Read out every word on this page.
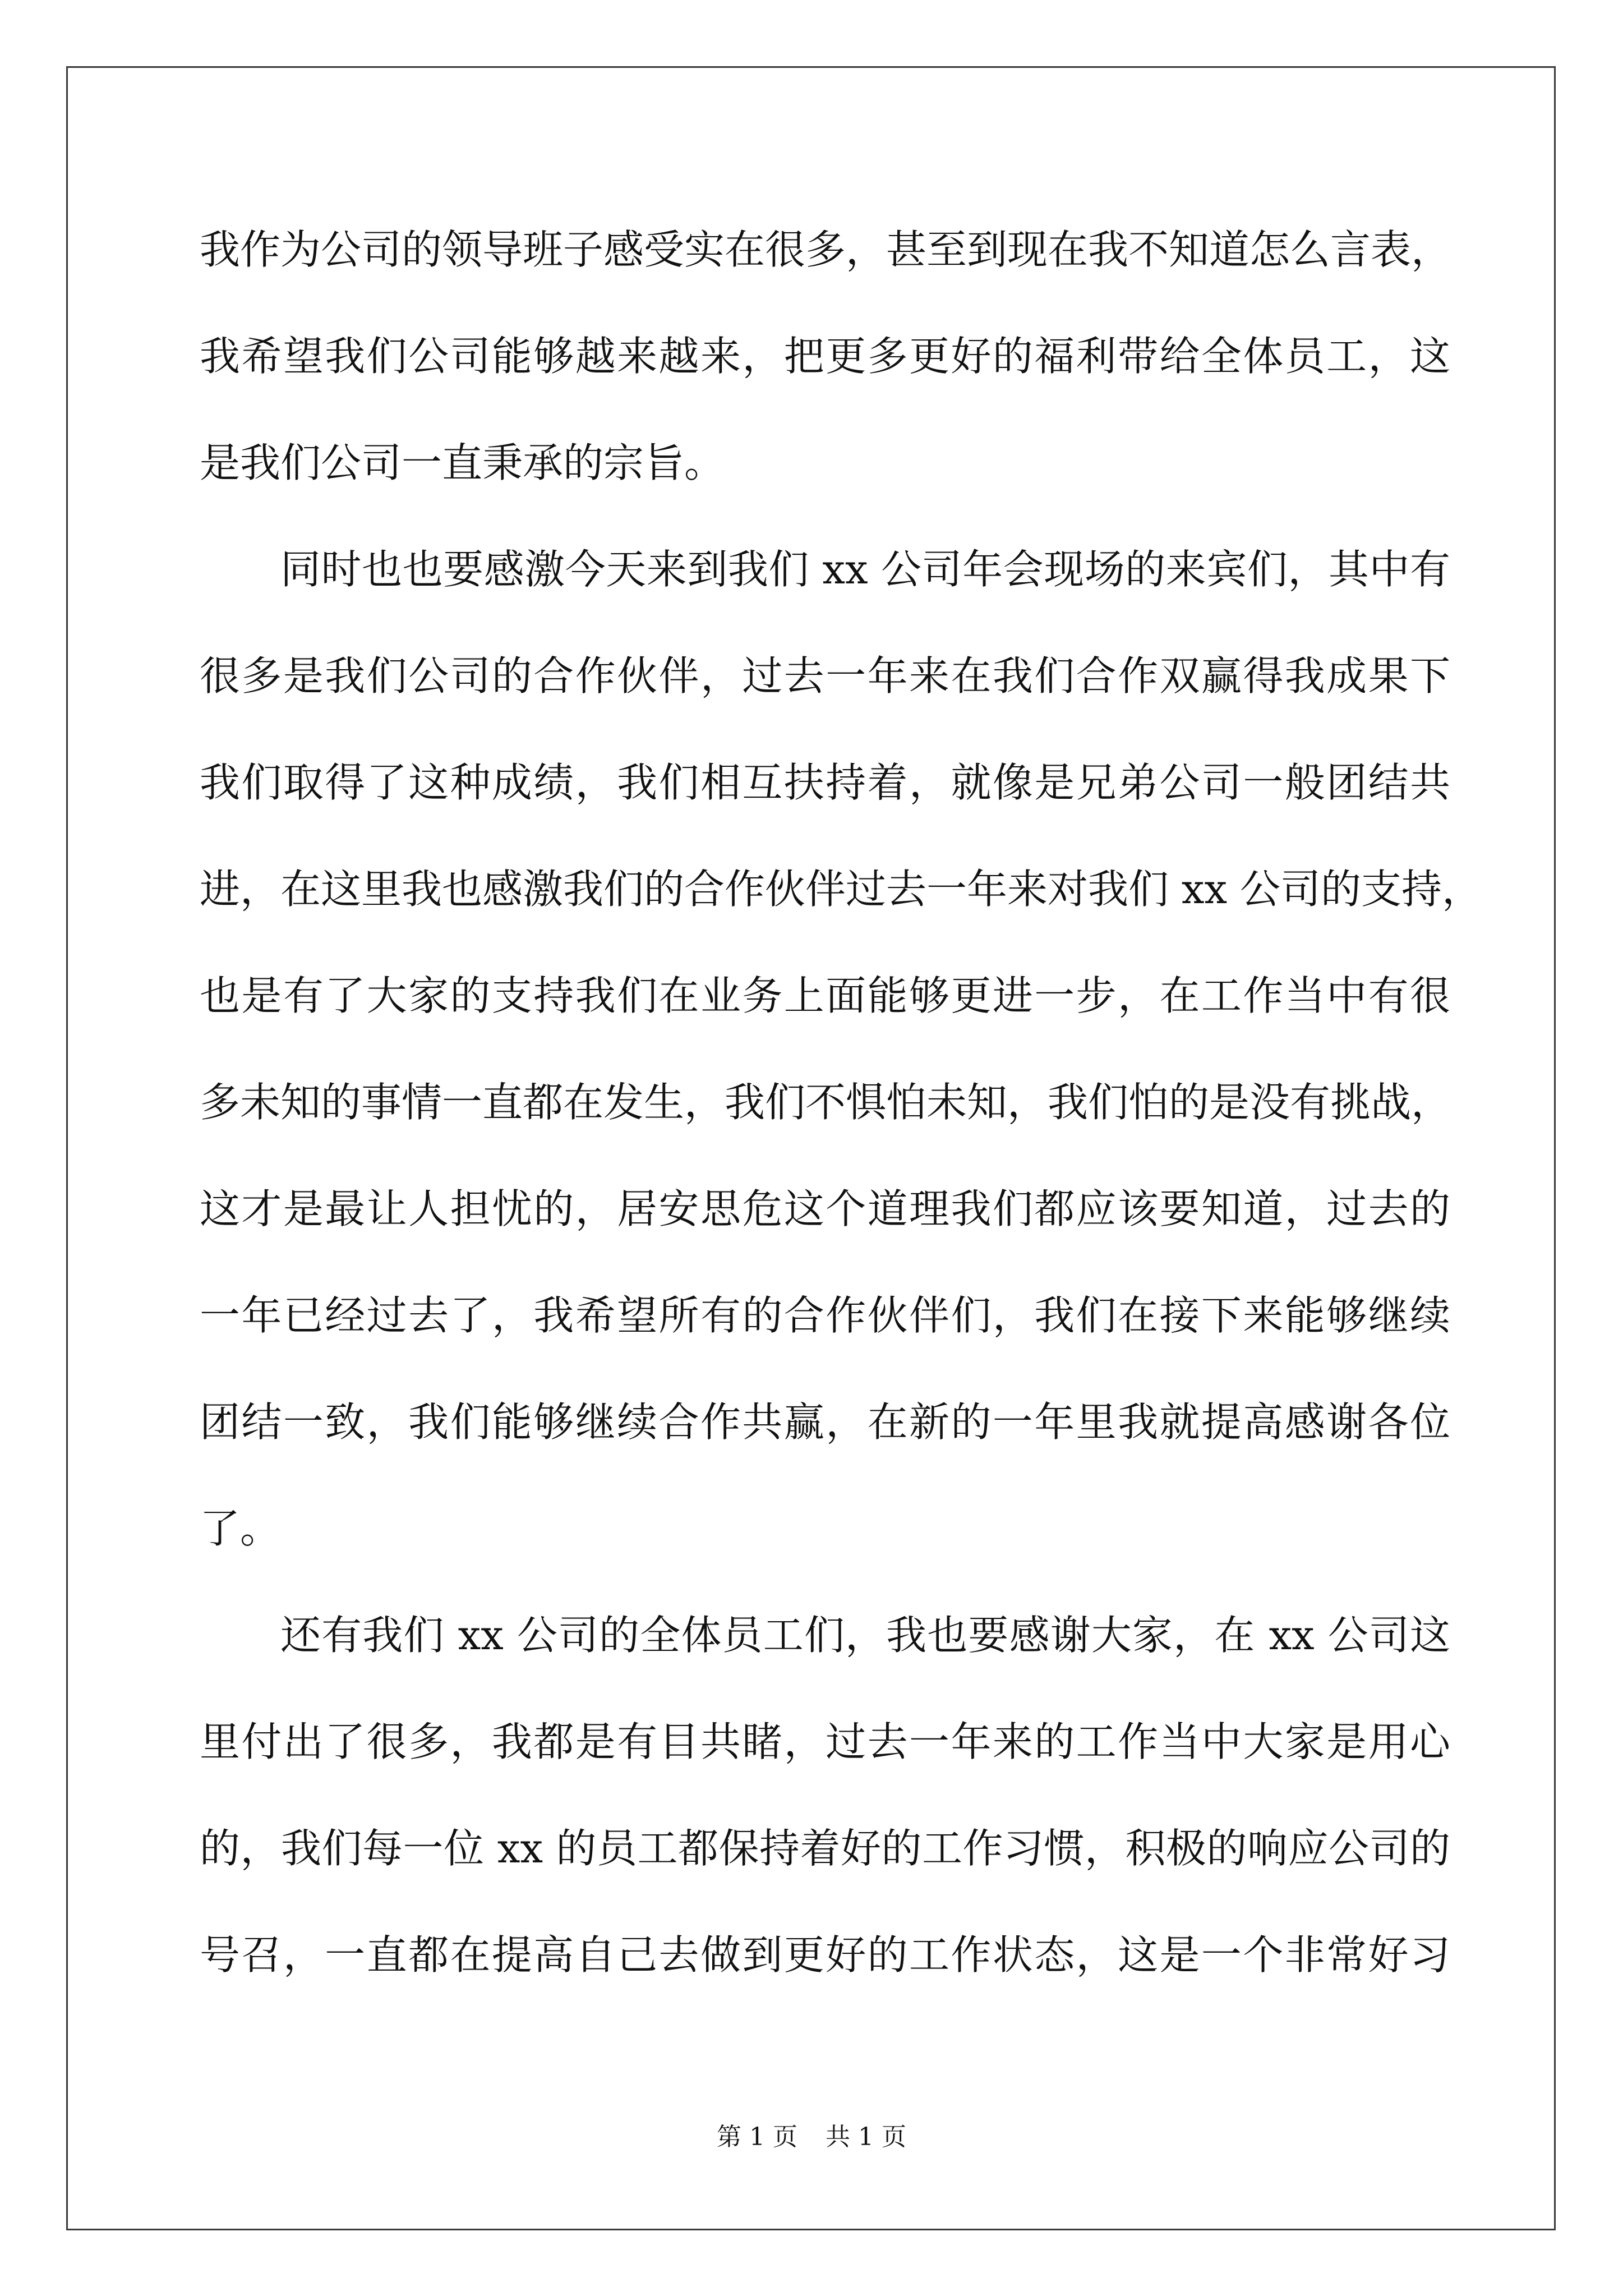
我作为公司的领导班子感受实在很多，甚至到现在我不知道怎么言表，
我希望我们公司能够越来越来，把更多更好的福利带给全体员工，这
是我们公司一直秉承的宗旨。
同时也也要感激今天来到我们 xx 公司年会现场的来宾们，其中有
很多是我们公司的合作伙伴，过去一年来在我们合作双赢得我成果下
我们取得了这种成绩，我们相互扶持着，就像是兄弟公司一般团结共
进，在这里我也感激我们的合作伙伴过去一年来对我们 xx 公司的支持，
也是有了大家的支持我们在业务上面能够更进一步，在工作当中有很
多未知的事情一直都在发生，我们不惧怕未知，我们怕的是没有挑战，
这才是最让人担忧的，居安思危这个道理我们都应该要知道，过去的
一年已经过去了，我希望所有的合作伙伴们，我们在接下来能够继续
团结一致，我们能够继续合作共赢，在新的一年里我就提高感谢各位
了。
还有我们 xx 公司的全体员工们，我也要感谢大家，在 xx 公司这
里付出了很多，我都是有目共睹，过去一年来的工作当中大家是用心
的，我们每一位 xx 的员工都保持着好的工作习惯，积极的响应公司的
号召，一直都在提高自己去做到更好的工作状态，这是一个非常好习
第 1 页 共 1 页
